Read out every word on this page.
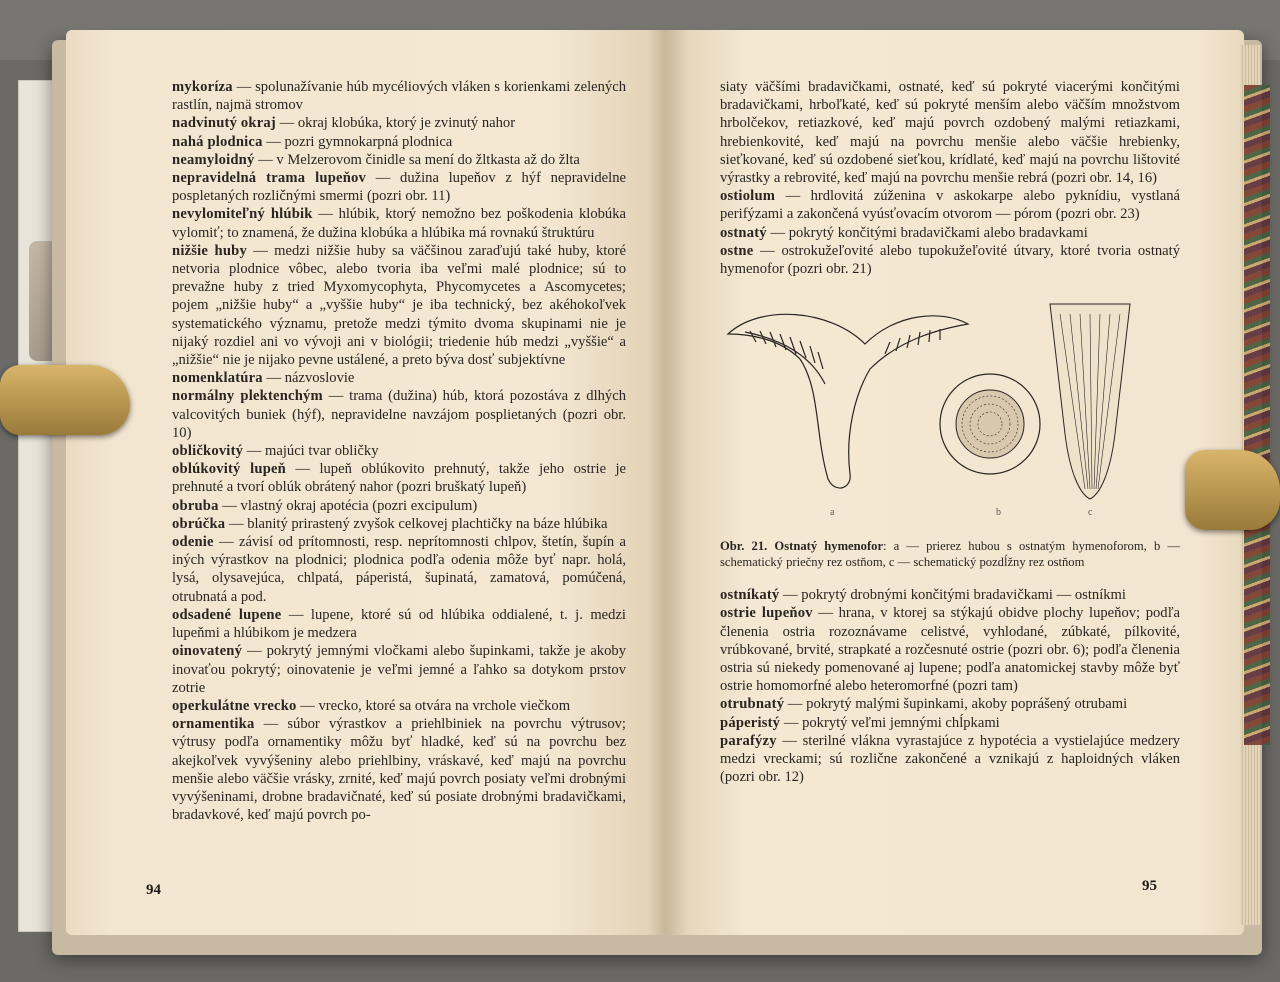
mykoríza — spolunažívanie húb mycéliových vláken s korienkami zelených rastlín, najmä stromov

nadvinutý okraj — okraj klobúka, ktorý je zvinutý nahor

nahá plodnica — pozri gymnokarpná plodnica

neamyloidný — v Melzerovom činidle sa mení do žltkasta až do žlta

nepravidelná trama lupeňov — dužina lupeňov z hýf nepravidelne pospletaných rozličnými smermi (pozri obr. 11)

nevylomiteľný hlúbik — hlúbik, ktorý nemožno bez poškodenia klobúka vylomiť; to znamená, že dužina klobúka a hlúbika má rovnakú štruktúru

nižšie huby — medzi nižšie huby sa väčšinou zaraďujú také huby, ktoré netvoria plodnice vôbec, alebo tvoria iba veľmi malé plodnice; sú to prevažne huby z tried Myxomycophyta, Phycomycetes a Ascomycetes; pojem „nižšie huby“ a „vyššie huby“ je iba technický, bez akéhokoľvek systematického významu, pretože medzi týmito dvoma skupinami nie je nijaký rozdiel ani vo vývoji ani v biológii; triedenie húb medzi „vyššie“ a „nižšie“ nie je nijako pevne ustálené, a preto býva dosť subjektívne

nomenklatúra — názvoslovie

normálny plektenchým — trama (dužina) húb, ktorá pozostáva z dlhých valcovitých buniek (hýf), nepravidelne navzájom posplietaných (pozri obr. 10)

obličkovitý — majúci tvar obličky

oblúkovitý lupeň — lupeň oblúkovito prehnutý, takže jeho ostrie je prehnuté a tvorí oblúk obrátený nahor (pozri bruškatý lupeň)

obruba — vlastný okraj apotécia (pozri excipulum)

obrúčka — blanitý prirastený zvyšok celkovej plachtičky na báze hlúbika

odenie — závisí od prítomnosti, resp. neprítomnosti chlpov, štetín, šupín a iných výrastkov na plodnici; plodnica podľa odenia môže byť napr. holá, lysá, olysavejúca, chlpatá, páperistá, šupinatá, zamatová, pomúčená, otrubnatá a pod.

odsadené lupene — lupene, ktoré sú od hlúbika oddialené, t. j. medzi lupeňmi a hlúbikom je medzera

oinovatený — pokrytý jemnými vločkami alebo šupinkami, takže je akoby inovaťou pokrytý; oinovatenie je veľmi jemné a ľahko sa dotykom prstov zotrie

operkulátne vrecko — vrecko, ktoré sa otvára na vrchole viečkom

ornamentika — súbor výrastkov a priehlbiniek na povrchu výtrusov; výtrusy podľa ornamentiky môžu byť hladké, keď sú na povrchu bez akejkoľvek vyvýšeniny alebo priehlbiny, vráskavé, keď majú na povrchu menšie alebo väčšie vrásky, zrnité, keď majú povrch posiaty veľmi drobnými vyvýšeninami, drobne bradavičnaté, keď sú posiate drobnými bradavičkami, bradavkové, keď majú povrch po-

94

siaty väčšími bradavičkami, ostnaté, keď sú pokryté viacerými končitými bradavičkami, hrboľkaté, keď sú pokryté menším alebo väčším množstvom hrbolčekov, retiazkové, keď majú povrch ozdobený malými retiazkami, hrebienkovité, keď majú na povrchu menšie alebo väčšie hrebienky, sieťkované, keď sú ozdobené sieťkou, krídlaté, keď majú na povrchu lištovité výrastky a rebrovité, keď majú na povrchu menšie rebrá (pozri obr. 14, 16)

ostiolum — hrdlovitá zúženina v askokarpe alebo pyknídiu, vystlaná perifýzami a zakončená vyúsťovacím otvorom — pórom (pozri obr. 23)

ostnatý — pokrytý končitými bradavičkami alebo bradavkami

ostne — ostrokužeľovité alebo tupokužeľovité útvary, ktoré tvoria ostnatý hymenofor (pozri obr. 21)

a	b	c

Obr. 21. Ostnatý hymenofor: a — prierez hubou s ostnatým hymenoforom, b — schematický priečny rez ostňom, c — schematický pozdĺžny rez ostňom

ostníkatý — pokrytý drobnými končitými bradavičkami — ostníkmi

ostrie lupeňov — hrana, v ktorej sa stýkajú obidve plochy lupeňov; podľa členenia ostria rozoznávame celistvé, vyhlodané, zúbkaté, pílkovité, vrúbkované, brvité, strapkaté a rozčesnuté ostrie (pozri obr. 6); podľa členenia ostria sú niekedy pomenované aj lupene; podľa anatomickej stavby môže byť ostrie homomorfné alebo heteromorfné (pozri tam)

otrubnatý — pokrytý malými šupinkami, akoby poprášený otrubami

páperistý — pokrytý veľmi jemnými chĺpkami

parafýzy — sterilné vlákna vyrastajúce z hypotécia a vystielajúce medzery medzi vreckami; sú rozlične zakončené a vznikajú z haploidných vláken (pozri obr. 12)

95
